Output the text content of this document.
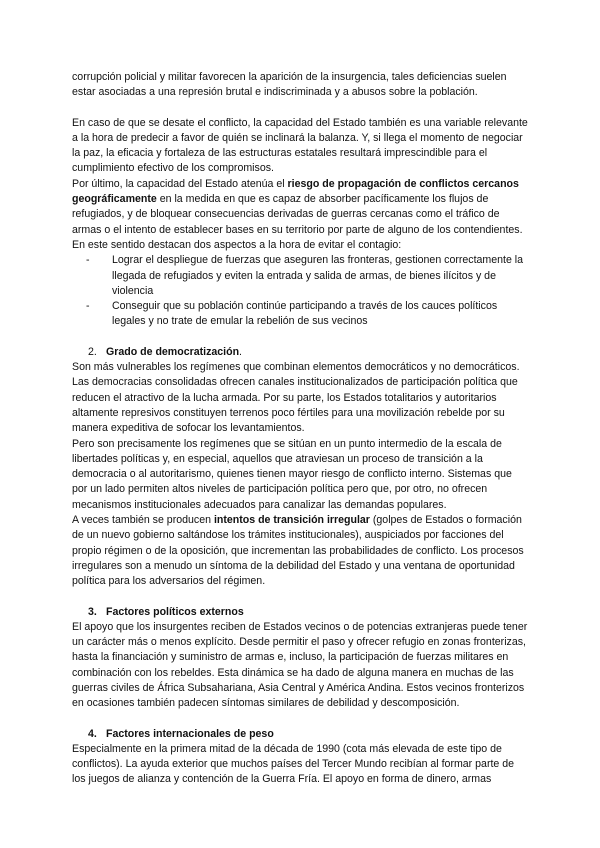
corrupción policial y militar favorecen la aparición de la insurgencia, tales deficiencias suelen estar asociadas a una represión brutal e indiscriminada y a abusos sobre la población.

En caso de que se desate el conflicto, la capacidad del Estado también es una variable relevante a la hora de predecir a favor de quién se inclinará la balanza. Y, si llega el momento de negociar la paz, la eficacia y fortaleza de las estructuras estatales resultará imprescindible para el cumplimiento efectivo de los compromisos.

Por último, la capacidad del Estado atenúa el riesgo de propagación de conflictos cercanos geográficamente en la medida en que es capaz de absorber pacíficamente los flujos de refugiados, y de bloquear consecuencias derivadas de guerras cercanas como el tráfico de armas o el intento de establecer bases en su territorio por parte de alguno de los contendientes. En este sentido destacan dos aspectos a la hora de evitar el contagio:

- Lograr el despliegue de fuerzas que aseguren las fronteras, gestionen correctamente la llegada de refugiados y eviten la entrada y salida de armas, de bienes ilícitos y de violencia
- Conseguir que su población continúe participando a través de los cauces políticos legales y no trate de emular la rebelión de sus vecinos
2. Grado de democratización.

Son más vulnerables los regímenes que combinan elementos democráticos y no democráticos. Las democracias consolidadas ofrecen canales institucionalizados de participación política que reducen el atractivo de la lucha armada. Por su parte, los Estados totalitarios y autoritarios altamente represivos constituyen terrenos poco fértiles para una movilización rebelde por su manera expeditiva de sofocar los levantamientos.

Pero son precisamente los regímenes que se sitúan en un punto intermedio de la escala de libertades políticas y, en especial, aquellos que atraviesan un proceso de transición a la democracia o al autoritarismo, quienes tienen mayor riesgo de conflicto interno. Sistemas que por un lado permiten altos niveles de participación política pero que, por otro, no ofrecen mecanismos institucionales adecuados para canalizar las demandas populares.

A veces también se producen intentos de transición irregular (golpes de Estados o formación de un nuevo gobierno saltándose los trámites institucionales), auspiciados por facciones del propio régimen o de la oposición, que incrementan las probabilidades de conflicto. Los procesos irregulares son a menudo un síntoma de la debilidad del Estado y una ventana de oportunidad política para los adversarios del régimen.

3. Factores políticos externos

El apoyo que los insurgentes reciben de Estados vecinos o de potencias extranjeras puede tener un carácter más o menos explícito. Desde permitir el paso y ofrecer refugio en zonas fronterizas, hasta la financiación y suministro de armas e, incluso, la participación de fuerzas militares en combinación con los rebeldes. Esta dinámica se ha dado de alguna manera en muchas de las guerras civiles de África Subsahariana, Asia Central y América Andina. Estos vecinos fronterizos en ocasiones también padecen síntomas similares de debilidad y descomposición.

4. Factores internacionales de peso

Especialmente en la primera mitad de la década de 1990 (cota más elevada de este tipo de conflictos). La ayuda exterior que muchos países del Tercer Mundo recibían al formar parte de los juegos de alianza y contención de la Guerra Fría. El apoyo en forma de dinero, armas
